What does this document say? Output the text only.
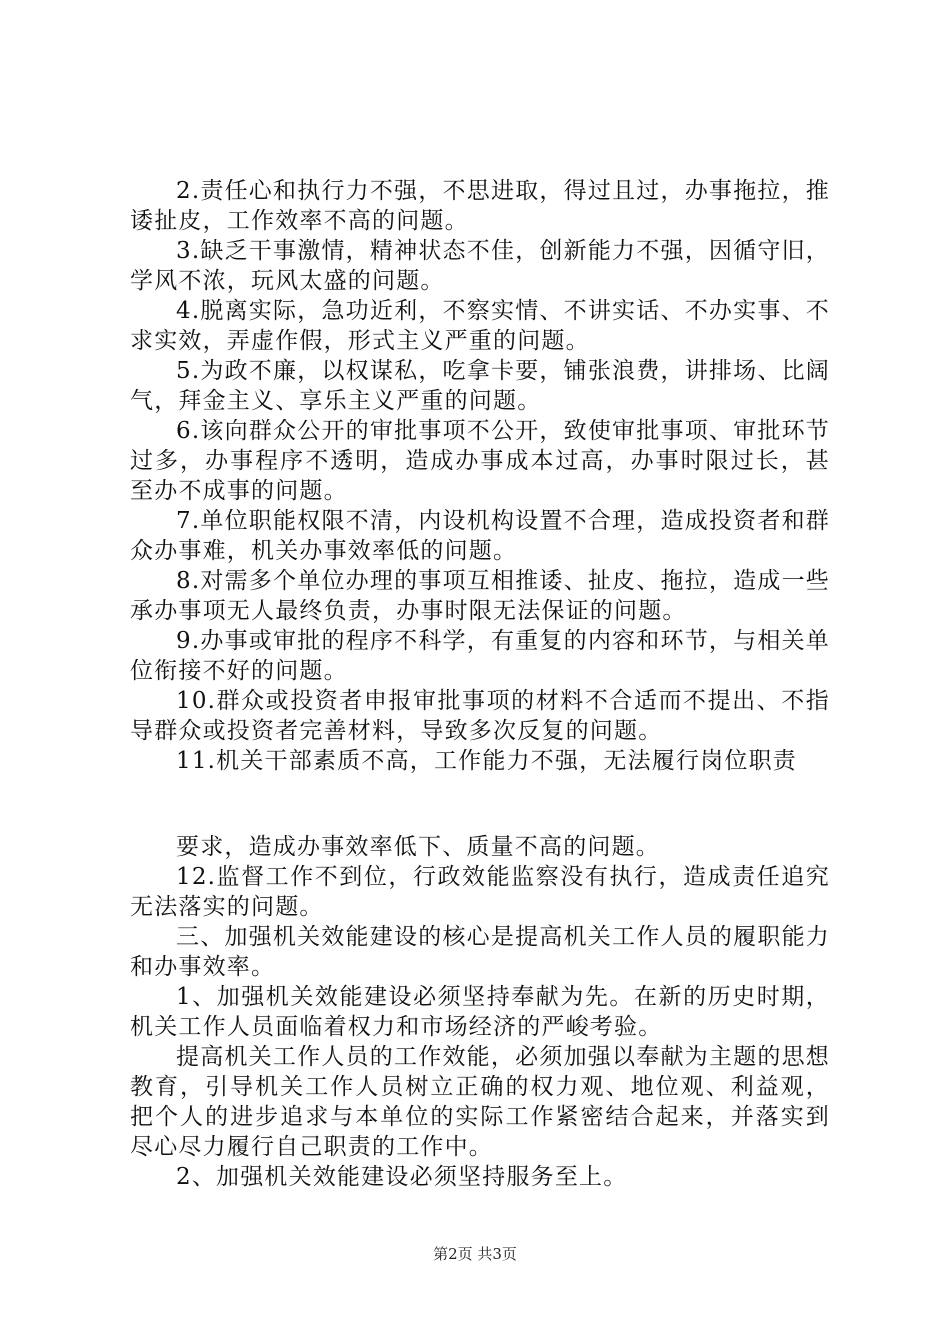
2.责任心和执行力不强，不思进取，得过且过，办事拖拉，推诿扯皮，工作效率不高的问题。

3.缺乏干事激情，精神状态不佳，创新能力不强，因循守旧，学风不浓，玩风太盛的问题。

4.脱离实际，急功近利，不察实情、不讲实话、不办实事、不求实效，弄虚作假，形式主义严重的问题。

5.为政不廉，以权谋私，吃拿卡要，铺张浪费，讲排场、比阔气，拜金主义、享乐主义严重的问题。

6.该向群众公开的审批事项不公开，致使审批事项、审批环节过多，办事程序不透明，造成办事成本过高，办事时限过长，甚至办不成事的问题。

7.单位职能权限不清，内设机构设置不合理，造成投资者和群众办事难，机关办事效率低的问题。

8.对需多个单位办理的事项互相推诿、扯皮、拖拉，造成一些承办事项无人最终负责，办事时限无法保证的问题。

9.办事或审批的程序不科学，有重复的内容和环节，与相关单位衔接不好的问题。

10.群众或投资者申报审批事项的材料不合适而不提出、不指导群众或投资者完善材料，导致多次反复的问题。

11.机关干部素质不高，工作能力不强，无法履行岗位职责

要求，造成办事效率低下、质量不高的问题。

12.监督工作不到位，行政效能监察没有执行，造成责任追究无法落实的问题。

三、加强机关效能建设的核心是提高机关工作人员的履职能力和办事效率。

1、加强机关效能建设必须坚持奉献为先。在新的历史时期，机关工作人员面临着权力和市场经济的严峻考验。

提高机关工作人员的工作效能，必须加强以奉献为主题的思想教育，引导机关工作人员树立正确的权力观、地位观、利益观，把个人的进步追求与本单位的实际工作紧密结合起来，并落实到尽心尽力履行自己职责的工作中。

2、加强机关效能建设必须坚持服务至上。

第2页 共3页
